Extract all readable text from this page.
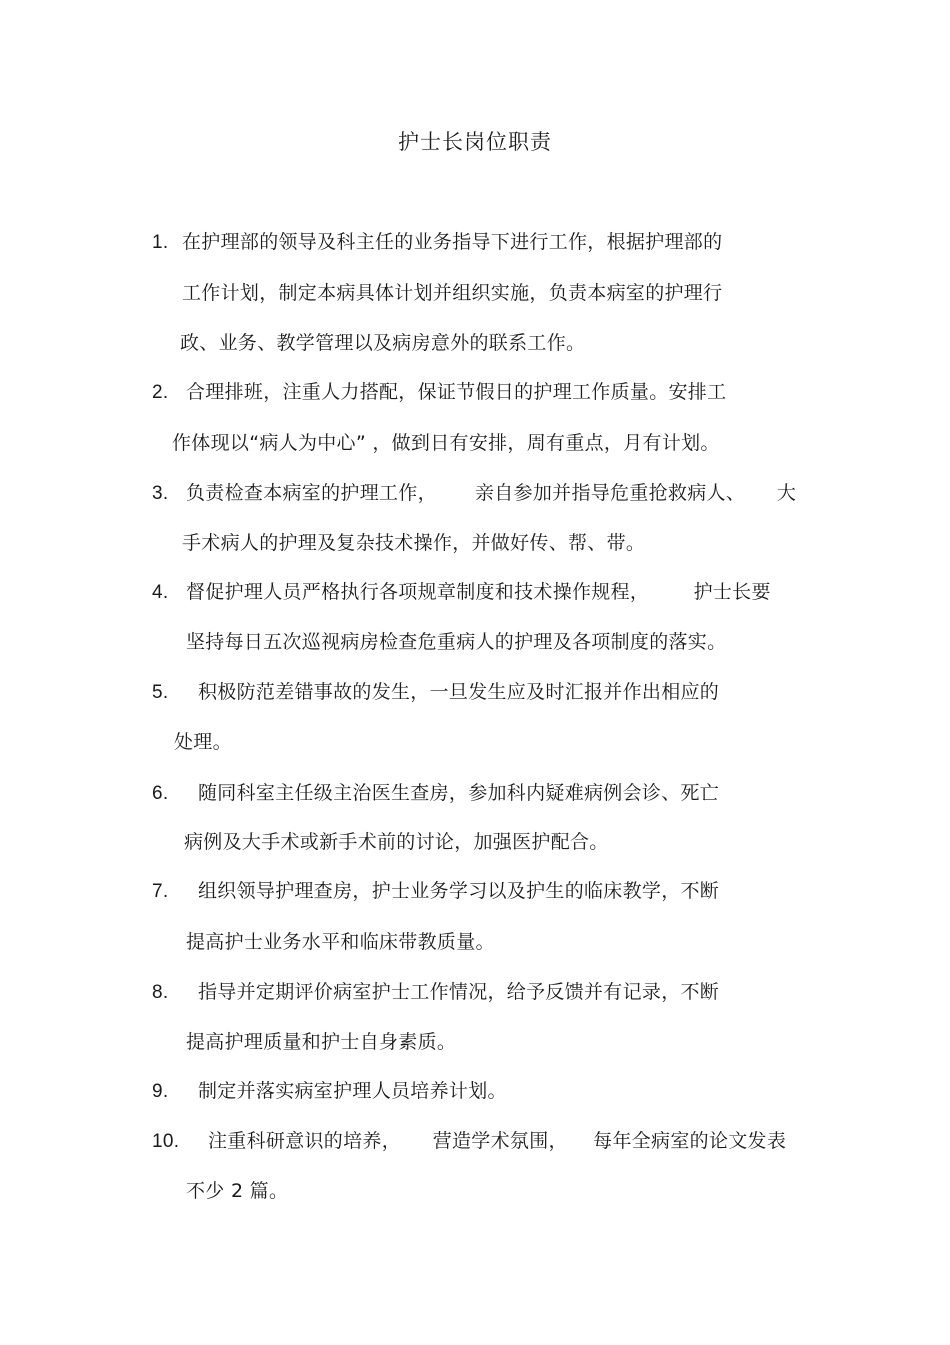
护士长岗位职责
1. 在护理部的领导及科主任的业务指导下进行工作，根据护理部的
工作计划，制定本病具体计划并组织实施，负责本病室的护理行
政、业务、教学管理以及病房意外的联系工作。
2. 合理排班，注重人力搭配，保证节假日的护理工作质量。安排工
作体现以“病人为中心” ，做到日有安排，周有重点，月有计划。
3. 负责检查本病室的护理工作，      亲自参加并指导危重抢救病人、     大
手术病人的护理及复杂技术操作，并做好传、帮、带。
4. 督促护理人员严格执行各项规章制度和技术操作规程，       护士长要
坚持每日五次巡视病房检查危重病人的护理及各项制度的落实。
5. 积极防范差错事故的发生，一旦发生应及时汇报并作出相应的
处理。
6. 随同科室主任级主治医生查房，参加科内疑难病例会诊、死亡
病例及大手术或新手术前的讨论，加强医护配合。
7. 组织领导护理查房，护士业务学习以及护生的临床教学，不断
提高护士业务水平和临床带教质量。
8. 指导并定期评价病室护士工作情况，给予反馈并有记录，不断
提高护理质量和护士自身素质。
9. 制定并落实病室护理人员培养计划。
10. 注重科研意识的培养，     营造学术氛围，    每年全病室的论文发表
不少 2 篇。
